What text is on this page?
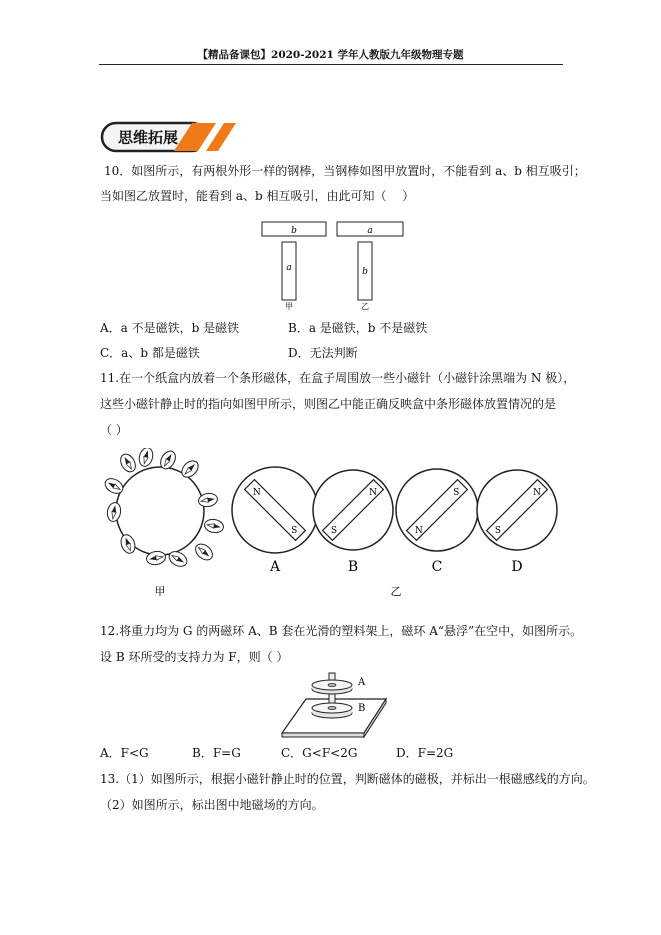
【精品备课包】2020-2021 学年人教版九年级物理专题
思维拓展
10．如图所示，有两根外形一样的钢棒，当钢棒如图甲放置时，不能看到 a、b 相互吸引；
当如图乙放置时，能看到 a、b 相互吸引，由此可知（　 ）
b
a
甲
a
b
乙
A．a 不是磁铁，b 是磁铁	B．a 是磁铁，b 不是磁铁
C．a、b 都是磁铁	D．无法判断
11.在一个纸盒内放着一个条形磁体，在盒子周围放一些小磁针（小磁针涂黑端为 N 极），
这些小磁针静止时的指向如图甲所示，则图乙中能正确反映盒中条形磁体放置情况的是
（ ）
N
S	S
N
N
S
S
N
A	B	C	D
甲	乙
12.将重力均为 G 的两磁环 A、B 套在光滑的塑料架上，磁环 A“悬浮”在空中，如图所示。
设 B 环所受的支持力为 F，则（ ）
A
B
A．F<G	B．F=G	C．G<F<2G	D．F=2G
13.（1）如图所示，根据小磁针静止时的位置，判断磁体的磁极，并标出一根磁感线的方向。
（2）如图所示，标出图中地磁场的方向。
